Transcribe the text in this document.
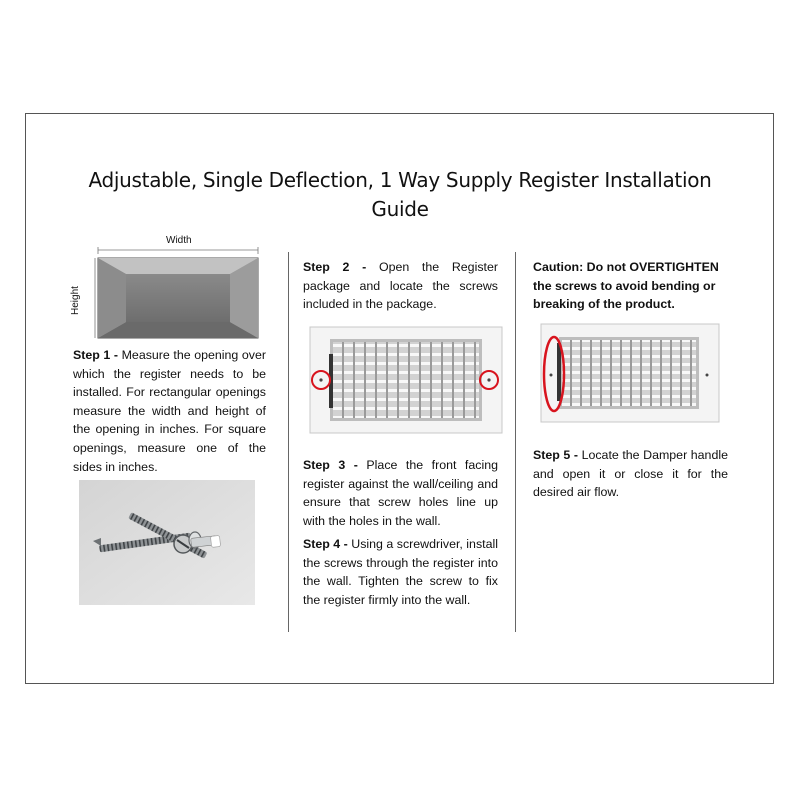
Adjustable, Single Deflection, 1 Way Supply Register Installation Guide
Width
Height

Step 1 - Measure the opening over which the register needs to be installed. For rectangular openings measure the width and height of the opening in inches. For square openings, measure one of the sides in inches.

Step 2 - Open the Register package and locate the screws included in the package.

Step 3 - Place the front facing register against the wall/ceiling and ensure that screw holes line up with the holes in the wall.

Step 4 - Using a screwdriver, install the screws through the register into the wall. Tighten the screw to fix the register firmly into the wall.

Caution: Do not OVERTIGHTEN the screws to avoid bending or breaking of the product.

Step 5 - Locate the Damper handle and open it or close it for the desired air flow.
